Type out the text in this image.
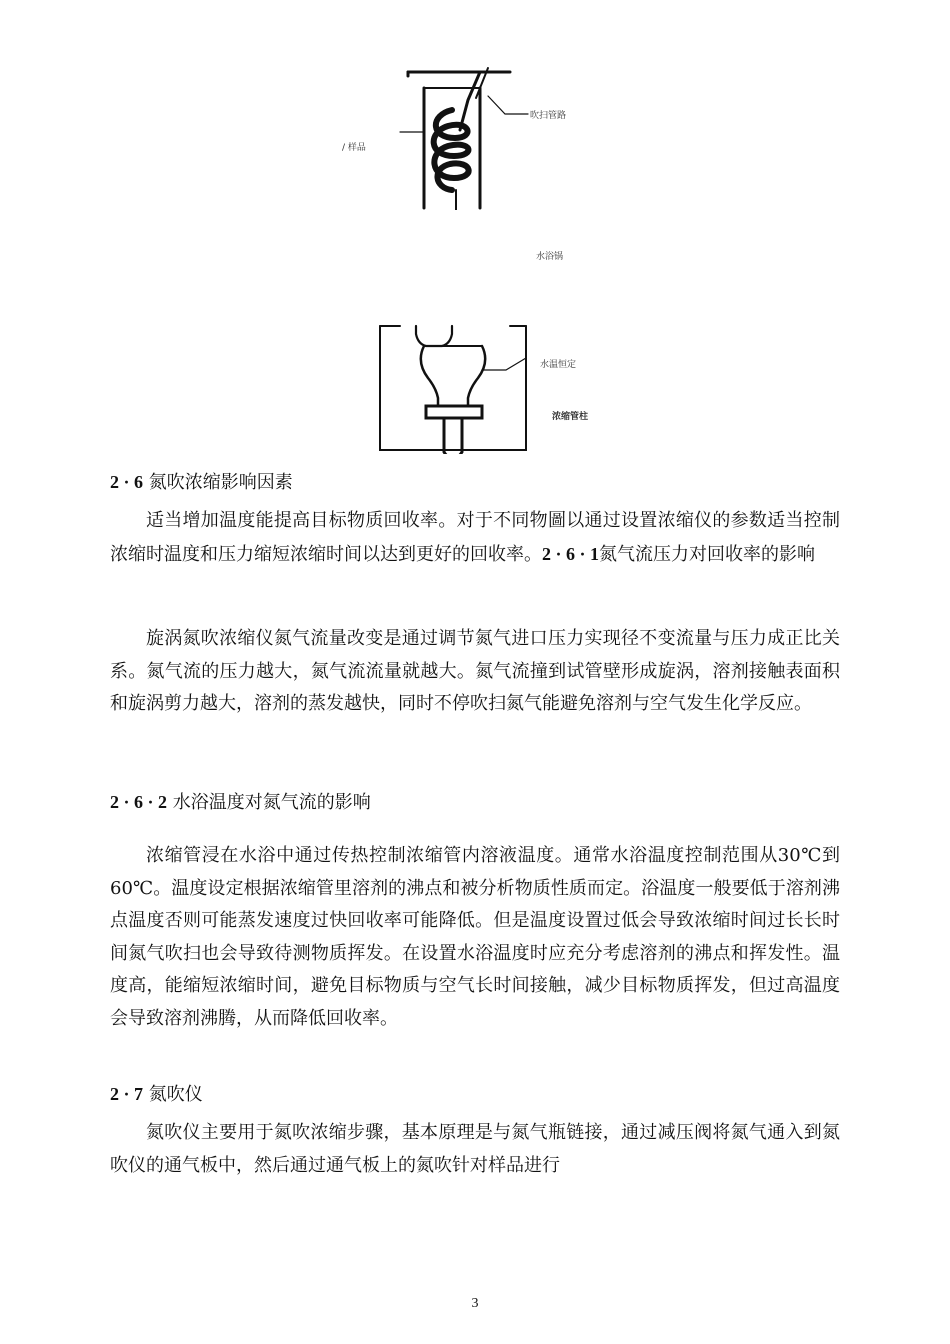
/ 样品
吹扫管路
水浴锅
水温恒定
浓缩管柱
2 · 6 氮吹浓缩影响因素

适当增加温度能提高目标物质回收率。对于不同物圖以通过设置浓缩仪的参数适当控制浓缩时温度和压力缩短浓缩时间以达到更好的回收率。2 · 6 · 1氮气流压力对回收率的影响

旋涡氮吹浓缩仪氮气流量改变是通过调节氮气进口压力实现径不变流量与压力成正比关系。氮气流的压力越大，氮气流流量就越大。氮气流撞到试管壁形成旋涡，溶剂接触表面积和旋涡剪力越大，溶剂的蒸发越快，同时不停吹扫氮气能避免溶剂与空气发生化学反应。

2 · 6 · 2 水浴温度对氮气流的影响

浓缩管浸在水浴中通过传热控制浓缩管内溶液温度。通常水浴温度控制范围从30℃到60℃。温度设定根据浓缩管里溶剂的沸点和被分析物质性质而定。浴温度一般要低于溶剂沸点温度否则可能蒸发速度过快回收率可能降低。但是温度设置过低会导致浓缩时间过长长时间氮气吹扫也会导致待测物质挥发。在设置水浴温度时应充分考虑溶剂的沸点和挥发性。温度高，能缩短浓缩时间，避免目标物质与空气长时间接触，减少目标物质挥发，但过高温度会导致溶剂沸腾，从而降低回收率。

2 · 7 氮吹仪

氮吹仪主要用于氮吹浓缩步骤，基本原理是与氮气瓶链接，通过减压阀将氮气通入到氮吹仪的通气板中，然后通过通气板上的氮吹针对样品进行

3
